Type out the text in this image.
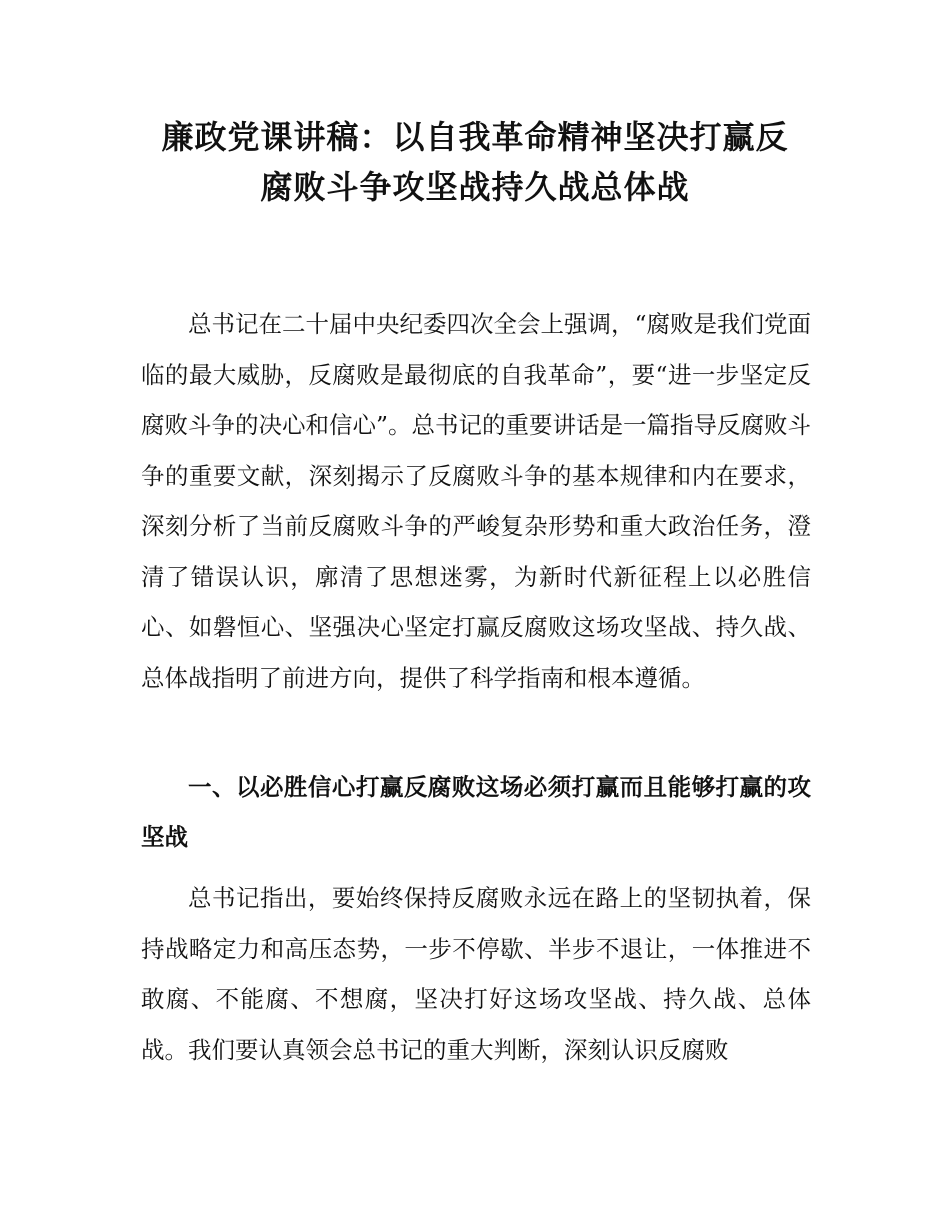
廉政党课讲稿：以自我革命精神坚决打赢反
腐败斗争攻坚战持久战总体战

总书记在二十届中央纪委四次全会上强调，“腐败是我们党面临的最大威胁，反腐败是最彻底的自我革命”，要“进一步坚定反腐败斗争的决心和信心”。总书记的重要讲话是一篇指导反腐败斗争的重要文献，深刻揭示了反腐败斗争的基本规律和内在要求，深刻分析了当前反腐败斗争的严峻复杂形势和重大政治任务，澄清了错误认识，廓清了思想迷雾，为新时代新征程上以必胜信心、如磐恒心、坚强决心坚定打赢反腐败这场攻坚战、持久战、总体战指明了前进方向，提供了科学指南和根本遵循。

一、以必胜信心打赢反腐败这场必须打赢而且能够打赢的攻坚战

总书记指出，要始终保持反腐败永远在路上的坚韧执着，保持战略定力和高压态势，一步不停歇、半步不退让，一体推进不敢腐、不能腐、不想腐，坚决打好这场攻坚战、持久战、总体战。我们要认真领会总书记的重大判断，深刻认识反腐败
